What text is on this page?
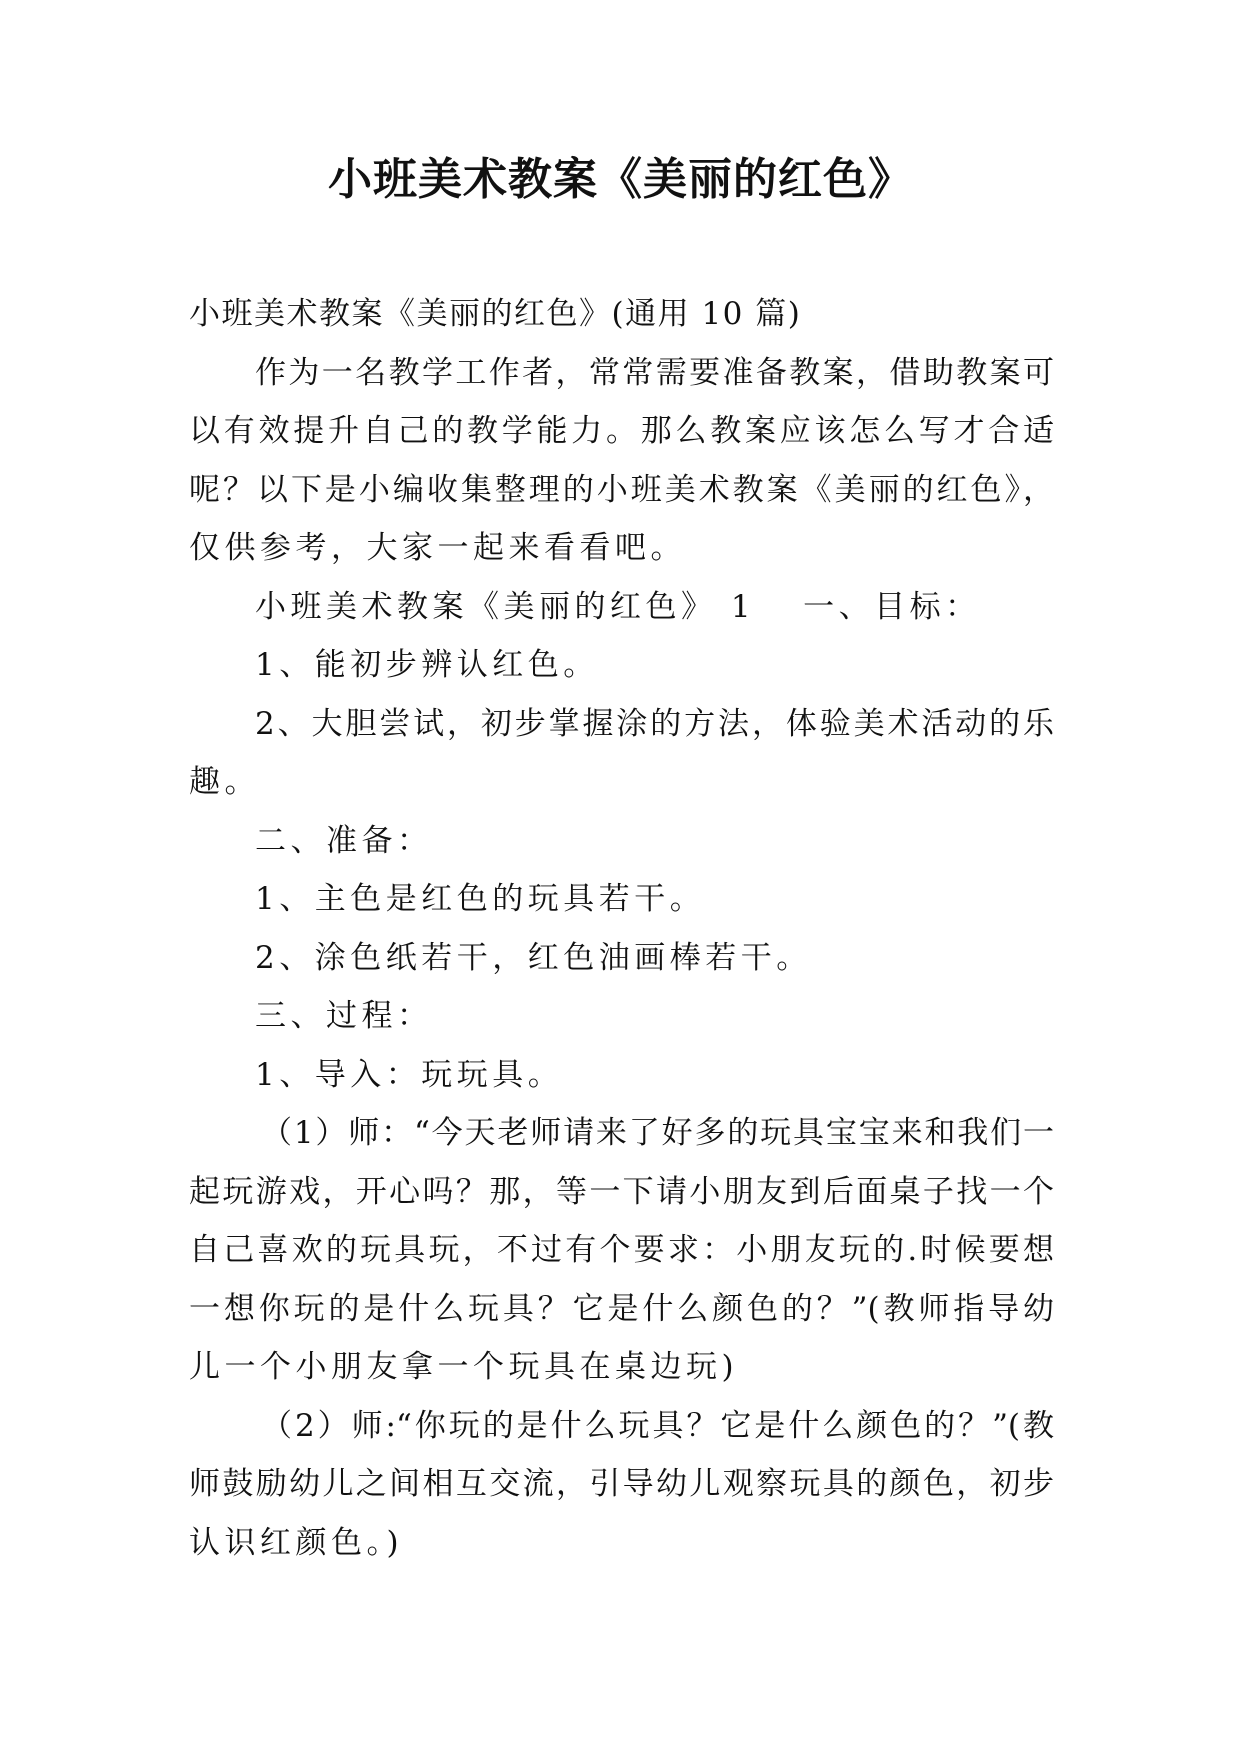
小班美术教案《美丽的红色》

小班美术教案《美丽的红色》(通用 10 篇)

作为一名教学工作者，常常需要准备教案，借助教案可

以有效提升自己的教学能力。那么教案应该怎么写才合适

呢？以下是小编收集整理的小班美术教案《美丽的红色》，

仅供参考，大家一起来看看吧。

小班美术教案《美丽的红色》 1 一、目标：

1、能初步辨认红色。

2、大胆尝试，初步掌握涂的方法，体验美术活动的乐

趣。

二、准备：

1、主色是红色的玩具若干。

2、涂色纸若干，红色油画棒若干。

三、过程：

1、导入：玩玩具。

（1）师：“今天老师请来了好多的玩具宝宝来和我们一

起玩游戏，开心吗？那，等一下请小朋友到后面桌子找一个

自己喜欢的玩具玩，不过有个要求：小朋友玩的.时候要想

一想你玩的是什么玩具？它是什么颜色的？”(教师指导幼

儿一个小朋友拿一个玩具在桌边玩)

（2）师:“你玩的是什么玩具？它是什么颜色的？”(教

师鼓励幼儿之间相互交流，引导幼儿观察玩具的颜色，初步

认识红颜色。)
